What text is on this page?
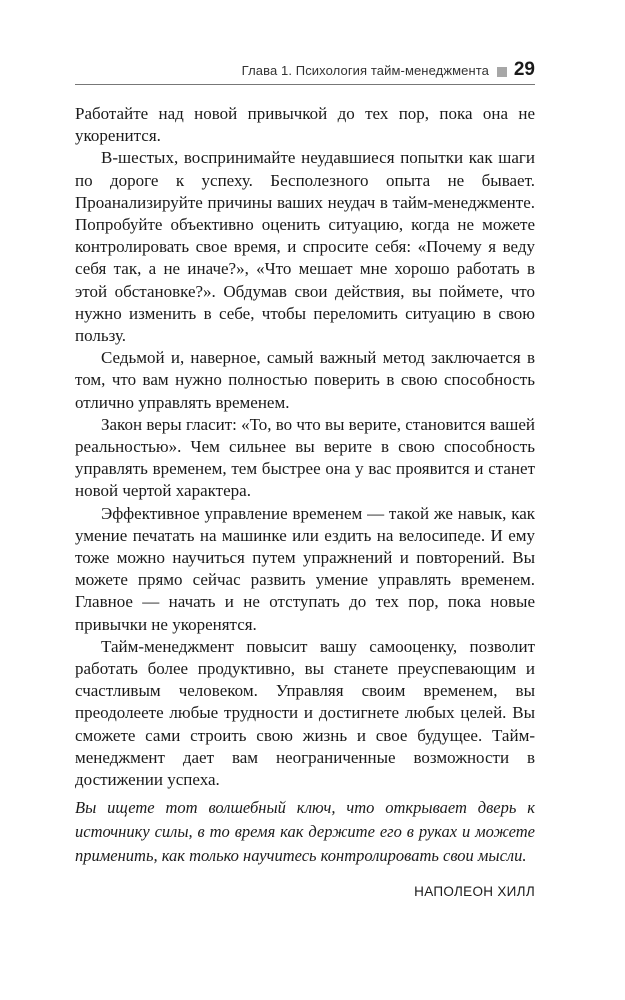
Глава 1. Психология тайм-менеджмента 29

Работайте над новой привычкой до тех пор, пока она не укоренится.

В-шестых, воспринимайте неудавшиеся попытки как шаги по дороге к успеху. Бесполезного опыта не бывает. Проанализируйте причины ваших неудач в тайм-менеджменте. Попробуйте объективно оценить ситуацию, когда не можете контролировать свое время, и спросите себя: «Почему я веду себя так, а не иначе?», «Что мешает мне хорошо работать в этой обстановке?». Обдумав свои действия, вы поймете, что нужно изменить в себе, чтобы переломить ситуацию в свою пользу.

Седьмой и, наверное, самый важный метод заключается в том, что вам нужно полностью поверить в свою способность отлично управлять временем.

Закон веры гласит: «То, во что вы верите, становится вашей реальностью». Чем сильнее вы верите в свою способность управлять временем, тем быстрее она у вас проявится и станет новой чертой характера.

Эффективное управление временем — такой же навык, как умение печатать на машинке или ездить на велосипеде. И ему тоже можно научиться путем упражнений и повторений. Вы можете прямо сейчас развить умение управлять временем. Главное — начать и не отступать до тех пор, пока новые привычки не укоренятся.

Тайм-менеджмент повысит вашу самооценку, позволит работать более продуктивно, вы станете преуспевающим и счастливым человеком. Управляя своим временем, вы преодолеете любые трудности и достигнете любых целей. Вы сможете сами строить свою жизнь и свое будущее. Тайм-менеджмент дает вам неограниченные возможности в достижении успеха.

Вы ищете тот волшебный ключ, что открывает дверь к источнику силы, в то время как держите его в руках и можете применить, как только научитесь контролировать свои мысли.

НАПОЛЕОН ХИЛЛ
